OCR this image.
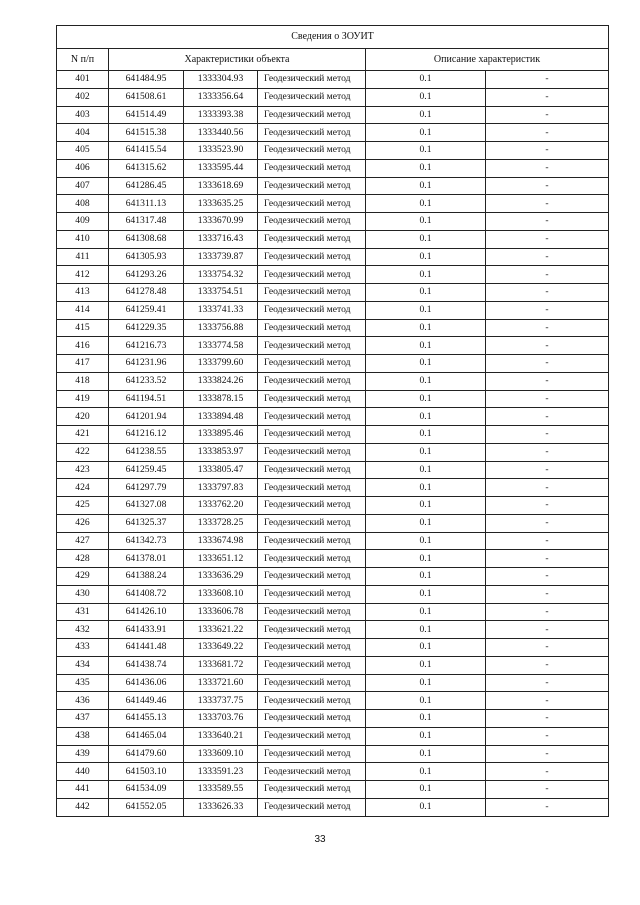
Сведения о ЗОУИТ					
N п/п	Характеристики объекта			Описание характеристик	
401	641484.95	1333304.93	Геодезический метод	0.1	-
402	641508.61	1333356.64	Геодезический метод	0.1	-
403	641514.49	1333393.38	Геодезический метод	0.1	-
404	641515.38	1333440.56	Геодезический метод	0.1	-
405	641415.54	1333523.90	Геодезический метод	0.1	-
406	641315.62	1333595.44	Геодезический метод	0.1	-
407	641286.45	1333618.69	Геодезический метод	0.1	-
408	641311.13	1333635.25	Геодезический метод	0.1	-
409	641317.48	1333670.99	Геодезический метод	0.1	-
410	641308.68	1333716.43	Геодезический метод	0.1	-
411	641305.93	1333739.87	Геодезический метод	0.1	-
412	641293.26	1333754.32	Геодезический метод	0.1	-
413	641278.48	1333754.51	Геодезический метод	0.1	-
414	641259.41	1333741.33	Геодезический метод	0.1	-
415	641229.35	1333756.88	Геодезический метод	0.1	-
416	641216.73	1333774.58	Геодезический метод	0.1	-
417	641231.96	1333799.60	Геодезический метод	0.1	-
418	641233.52	1333824.26	Геодезический метод	0.1	-
419	641194.51	1333878.15	Геодезический метод	0.1	-
420	641201.94	1333894.48	Геодезический метод	0.1	-
421	641216.12	1333895.46	Геодезический метод	0.1	-
422	641238.55	1333853.97	Геодезический метод	0.1	-
423	641259.45	1333805.47	Геодезический метод	0.1	-
424	641297.79	1333797.83	Геодезический метод	0.1	-
425	641327.08	1333762.20	Геодезический метод	0.1	-
426	641325.37	1333728.25	Геодезический метод	0.1	-
427	641342.73	1333674.98	Геодезический метод	0.1	-
428	641378.01	1333651.12	Геодезический метод	0.1	-
429	641388.24	1333636.29	Геодезический метод	0.1	-
430	641408.72	1333608.10	Геодезический метод	0.1	-
431	641426.10	1333606.78	Геодезический метод	0.1	-
432	641433.91	1333621.22	Геодезический метод	0.1	-
433	641441.48	1333649.22	Геодезический метод	0.1	-
434	641438.74	1333681.72	Геодезический метод	0.1	-
435	641436.06	1333721.60	Геодезический метод	0.1	-
436	641449.46	1333737.75	Геодезический метод	0.1	-
437	641455.13	1333703.76	Геодезический метод	0.1	-
438	641465.04	1333640.21	Геодезический метод	0.1	-
439	641479.60	1333609.10	Геодезический метод	0.1	-
440	641503.10	1333591.23	Геодезический метод	0.1	-
441	641534.09	1333589.55	Геодезический метод	0.1	-
442	641552.05	1333626.33	Геодезический метод	0.1	-
33
